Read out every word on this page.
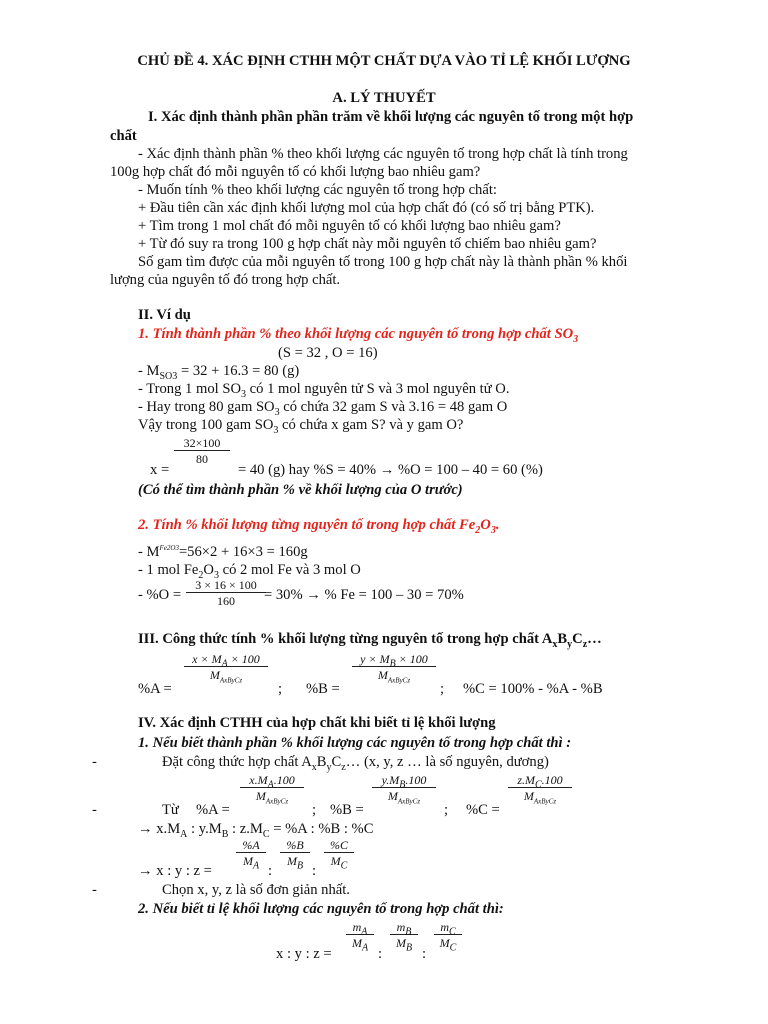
CHỦ ĐỀ 4. XÁC ĐỊNH CTHH MỘT CHẤT DỰA VÀO TỈ LỆ KHỐI LƯỢNG
A. LÝ THUYẾT
I. Xác định thành phần phần trăm về khối lượng các nguyên tố trong một hợp
chất
- Xác định thành phần % theo khối lượng các nguyên tố trong hợp chất là tính trong
100g hợp chất đó mỗi nguyên tố có khối lượng bao nhiêu gam?
- Muốn tính % theo khối lượng các nguyên tố trong hợp chất:
+ Đầu tiên cần xác định khối lượng mol của hợp chất đó (có số trị bằng PTK).
+ Tìm trong 1 mol chất đó mỗi nguyên tố có khối lượng bao nhiêu gam?
+ Từ đó suy ra trong 100 g hợp chất này mỗi nguyên tố chiếm bao nhiêu gam?
Số gam tìm được của mỗi nguyên tố trong 100 g hợp chất này là thành phần % khối
lượng của nguyên tố đó trong hợp chất.
II. Ví dụ
1. Tính thành phần % theo khối lượng các nguyên tố trong hợp chất $SO_3$
(S = 32 , O = 16)
- $M_{SO3} = 32 + 16.3 = 80$ (g)
- Trong 1 mol $SO_3$ có 1 mol nguyên tử S và 3 mol nguyên tử O.
- Hay trong 80 gam $SO_3$ có chứa 32 gam S và 3.16 = 48 gam O
Vậy trong 100 gam $SO_3$ có chứa x gam S? và y gam O?
$\frac{32\times 100}{80}$
x =	= 40 (g) hay %S = 40% → %O = 100 – 40 = 60 (%)
(Có thể tìm thành phần % về khối lượng của O trước)
2. Tính % khối lượng từng nguyên tố trong hợp chất $Fe_2O_3$.
- $M^{Fe2O3}=56\times 2 + 16\times 3 = 160g$
- 1 mol $Fe_2O_3$ có 2 mol Fe và 3 mol O
- $\%O = \frac{3 \times 16 \times 100}{160}$
= 30% → % Fe = 100 – 30 = 70%
III. Công thức tính % khối lượng từng nguyên tố trong hợp chất $A_xB_yC_z\dots$
%A =
$x \times M_A \times 100$
$M_{AxByCz}$
; %B =
$y \times M_B \times 100$
$M_{AxByCz}$
; %C = 100% - %A - %B
IV. Xác định CTHH của hợp chất khi biết tỉ lệ khối lượng
1. Nếu biết thành phần % khối lượng các nguyên tố trong hợp chất thì :
-	Đặt công thức hợp chất $A_xB_yC_z\dots$ (x, y, z … là số nguyên, dương)
-	Từ %A =
$x.M_A.100$
$M_{AxByCz}$
; %B =
$y.M_B.100$
$M_{AxByCz}$
; %C =
$z.M_C.100$
$M_{AxByCz}$
→ $x.M_A$ : $y.M_B$ : $z.M_C = \%A$ : %B : %C
→ x : y : z =
$\frac{\%A}{M_A}$
:
$\frac{\%B}{M_B}$
:
$\frac{\%C}{M_C}$
-	Chọn x, y, z là số đơn giản nhất.
2. Nếu biết tỉ lệ khối lượng các nguyên tố trong hợp chất thì:
x : y : z =
$\frac{m_A}{M_A}$
:
$\frac{m_B}{M_B}$
:
$\frac{m_C}{M_C}$
